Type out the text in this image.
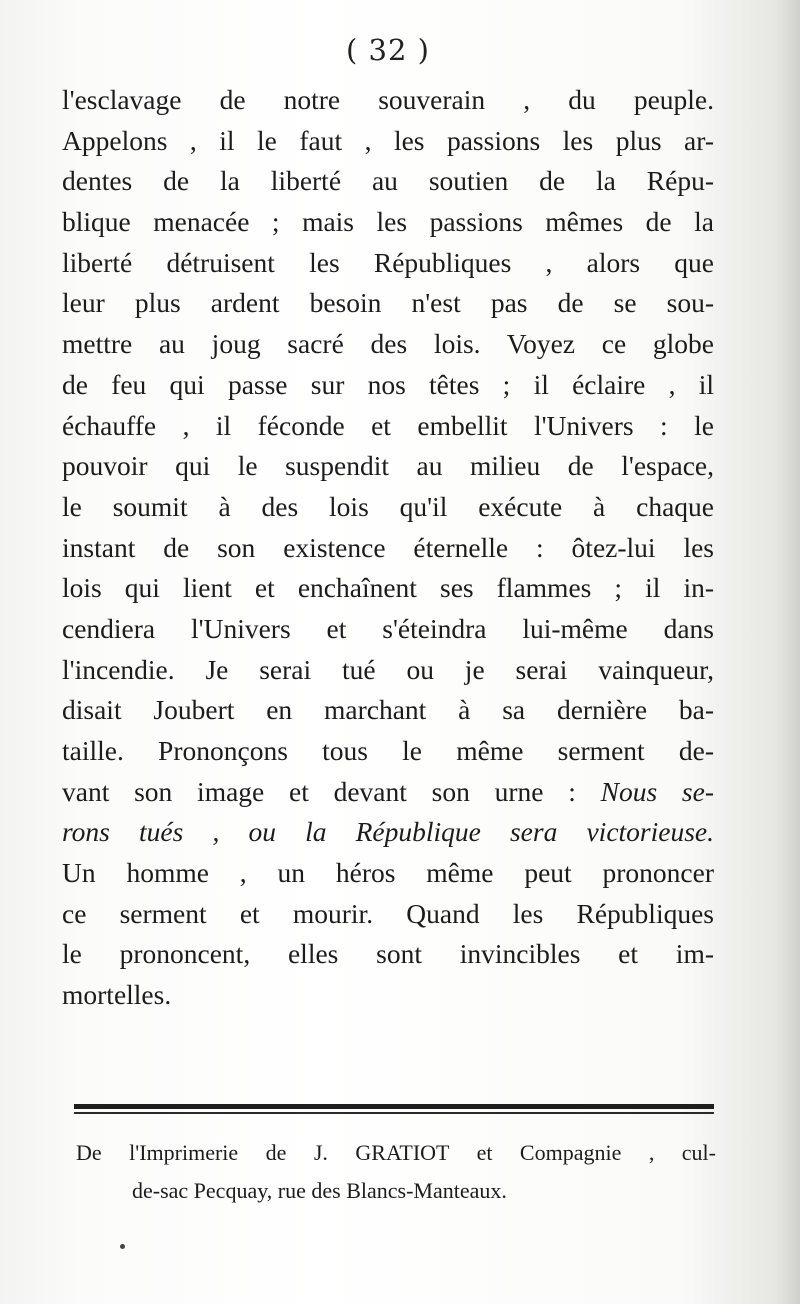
( 32 )
l'esclavage de notre souverain , du peuple.
Appelons , il le faut , les passions les plus ar-
dentes de la liberté au soutien de la Répu-
blique menacée ; mais les passions mêmes de la
liberté détruisent les Républiques , alors que
leur plus ardent besoin n'est pas de se sou-
mettre au joug sacré des lois. Voyez ce globe
de feu qui passe sur nos têtes ; il éclaire , il
échauffe , il féconde et embellit l'Univers : le
pouvoir qui le suspendit au milieu de l'espace,
le soumit à des lois qu'il exécute à chaque
instant de son existence éternelle : ôtez-lui les
lois qui lient et enchaînent ses flammes ; il in-
cendiera l'Univers et s'éteindra lui-même dans
l'incendie. Je serai tué ou je serai vainqueur,
disait Joubert en marchant à sa dernière ba-
taille. Prononçons tous le même serment de-
vant son image et devant son urne : Nous se-
rons tués , ou la République sera victorieuse.
Un homme , un héros même peut prononcer
ce serment et mourir. Quand les Républiques
le prononcent, elles sont invincibles et im-
mortelles.
De l'Imprimerie de J. GRATIOT et Compagnie , cul-
de-sac Pecquay, rue des Blancs-Manteaux.
